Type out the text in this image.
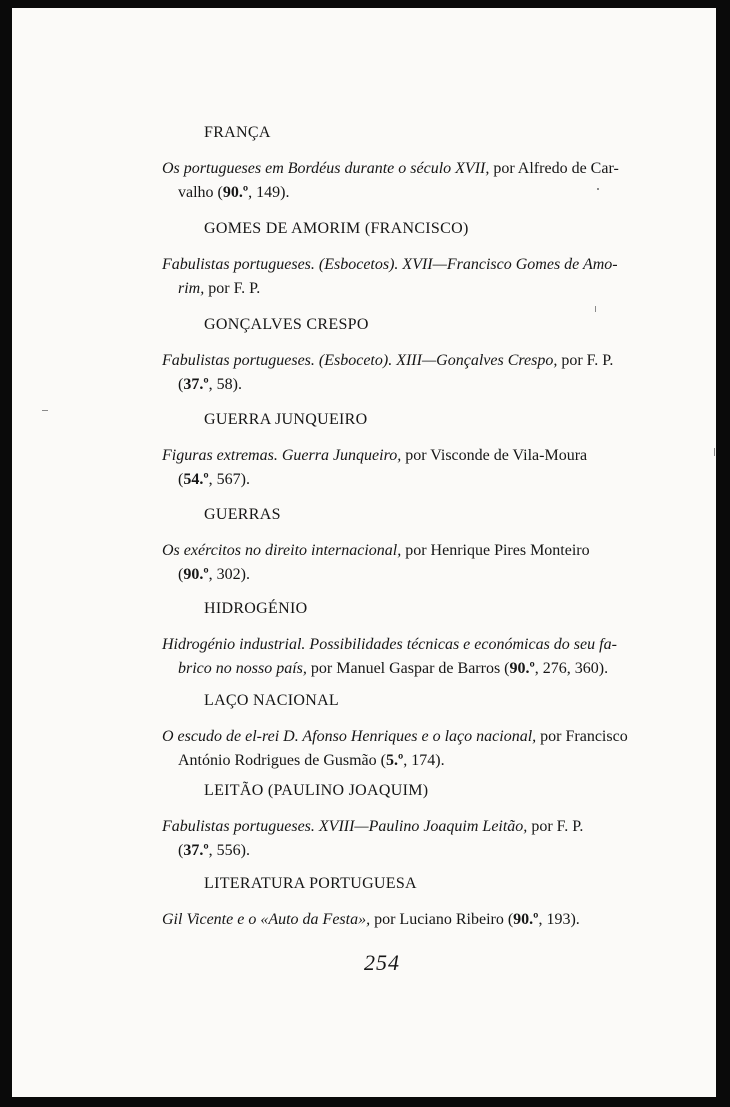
FRANÇA
Os portugueses em Bordéus durante o século XVII, por Alfredo de Car-
valho (90.º, 149).
GOMES DE AMORIM (FRANCISCO)
Fabulistas portugueses. (Esbocetos). XVII—Francisco Gomes de Amo-
rim, por F. P.
GONÇALVES CRESPO
Fabulistas portugueses. (Esboceto). XIII—Gonçalves Crespo, por F. P.
(37.º, 58).
GUERRA JUNQUEIRO
Figuras extremas. Guerra Junqueiro, por Visconde de Vila-Moura
(54.º, 567).
GUERRAS
Os exércitos no direito internacional, por Henrique Pires Monteiro
(90.º, 302).
HIDROGÉNIO
Hidrogénio industrial. Possibilidades técnicas e económicas do seu fa-
brico no nosso país, por Manuel Gaspar de Barros (90.º, 276, 360).
LAÇO NACIONAL
O escudo de el-rei D. Afonso Henriques e o laço nacional, por Francisco
António Rodrigues de Gusmão (5.º, 174).
LEITÃO (PAULINO JOAQUIM)
Fabulistas portugueses. XVIII—Paulino Joaquim Leitão, por F. P.
(37.º, 556).
LITERATURA PORTUGUESA
Gil Vicente e o «Auto da Festa», por Luciano Ribeiro (90.º, 193).
254
